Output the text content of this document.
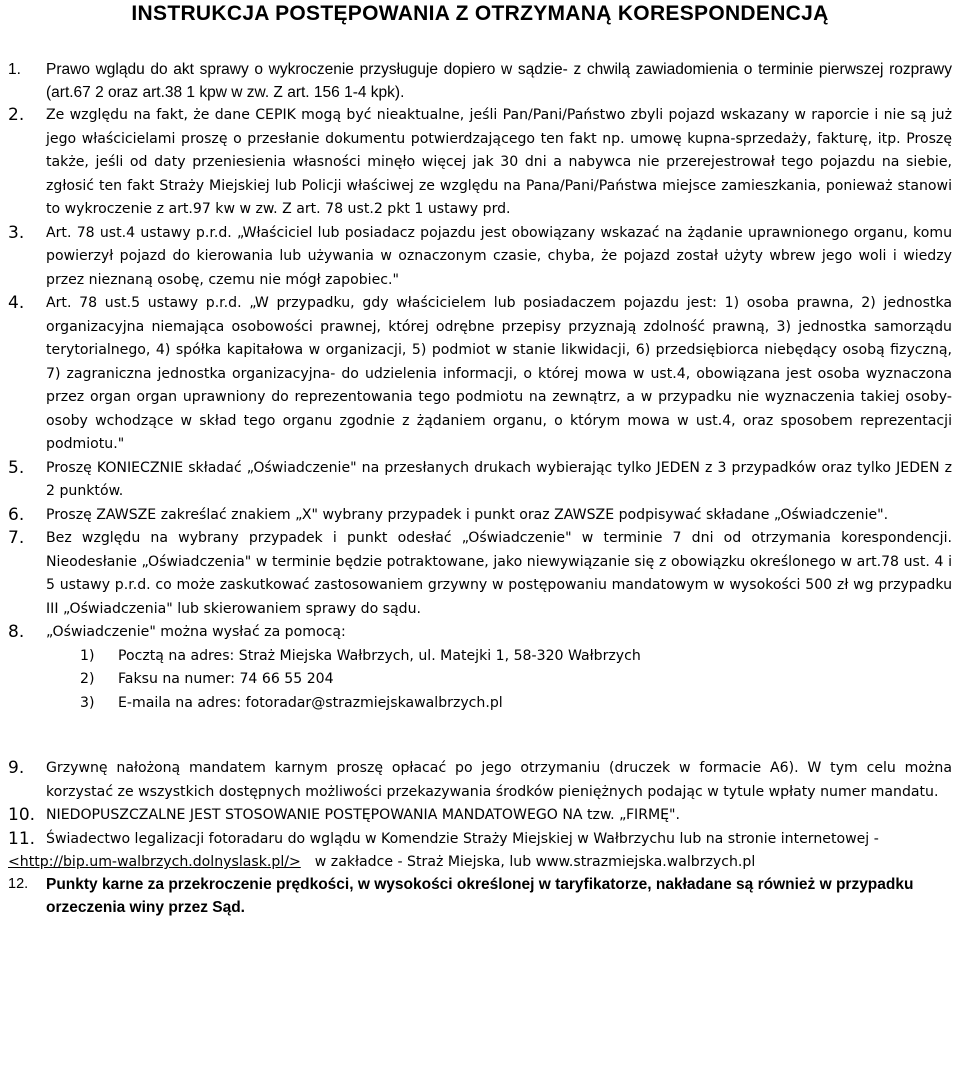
INSTRUKCJA POSTĘPOWANIA Z OTRZYMANĄ KORESPONDENCJĄ
1.	Prawo wglądu do akt sprawy o wykroczenie przysługuje dopiero w sądzie- z chwilą zawiadomienia o terminie pierwszej rozprawy (art.67 2 oraz art.38 1 kpw w zw. Z art. 156 1-4 kpk).
2.	Ze względu na fakt, że dane CEPIK mogą być nieaktualne, jeśli Pan/Pani/Państwo zbyli pojazd wskazany w raporcie i nie są już jego właścicielami proszę o przesłanie dokumentu potwierdzającego ten fakt np. umowę kupna-sprzedaży, fakturę, itp. Proszę także, jeśli od daty przeniesienia własności minęło więcej jak 30 dni a nabywca nie przerejestrował tego pojazdu na siebie, zgłosić ten fakt Straży Miejskiej lub Policji właściwej ze względu na Pana/Pani/Państwa miejsce zamieszkania, ponieważ stanowi to wykroczenie z art.97 kw w zw. Z art. 78 ust.2 pkt 1 ustawy prd.
3.	Art. 78 ust.4 ustawy p.r.d. „Właściciel lub posiadacz pojazdu jest obowiązany wskazać na żądanie uprawnionego organu, komu powierzył pojazd do kierowania lub używania w oznaczonym czasie, chyba, że pojazd został użyty wbrew jego woli i wiedzy przez nieznaną osobę, czemu nie mógł zapobiec."
4.	Art. 78 ust.5 ustawy p.r.d. „W przypadku, gdy właścicielem lub posiadaczem pojazdu jest: 1) osoba prawna, 2) jednostka organizacyjna niemająca osobowości prawnej, której odrębne przepisy przyznają zdolność prawną, 3) jednostka samorządu terytorialnego, 4) spółka kapitałowa w organizacji, 5) podmiot w stanie likwidacji, 6) przedsiębiorca niebędący osobą fizyczną, 7) zagraniczna jednostka organizacyjna- do udzielenia informacji, o której mowa w ust.4, obowiązana jest osoba wyznaczona przez organ organ uprawniony do reprezentowania tego podmiotu na zewnątrz, a w przypadku nie wyznaczenia takiej osoby- osoby wchodzące w skład tego organu zgodnie z żądaniem organu, o którym mowa w ust.4, oraz sposobem reprezentacji podmiotu."
5.	Proszę KONIECZNIE składać „Oświadczenie" na przesłanych drukach wybierając tylko JEDEN z 3 przypadków oraz tylko JEDEN z 2 punktów.
6.	Proszę ZAWSZE zakreślać znakiem „X" wybrany przypadek i punkt oraz ZAWSZE podpisywać składane „Oświadczenie".
7.	Bez względu na wybrany przypadek i punkt odesłać „Oświadczenie" w terminie 7 dni od otrzymania korespondencji. Nieodesłanie „Oświadczenia" w terminie będzie potraktowane, jako niewywiązanie się z obowiązku określonego w art.78 ust. 4 i 5 ustawy p.r.d. co może zaskutkować zastosowaniem grzywny w postępowaniu mandatowym w wysokości 500 zł wg przypadku III „Oświadczenia" lub skierowaniem sprawy do sądu.
8.	„Oświadczenie" można wysłać za pomocą:
1)	Pocztą na adres: Straż Miejska Wałbrzych, ul. Matejki 1, 58-320 Wałbrzych
2)	Faksu na numer: 74 66 55 204
3)	E-maila na adres: fotoradar@strazmiejskawalbrzych.pl
9.	Grzywnę nałożoną mandatem karnym proszę opłacać po jego otrzymaniu (druczek w formacie A6). W tym celu można korzystać ze wszystkich dostępnych możliwości przekazywania środków pieniężnych podając w tytule wpłaty numer mandatu.
10. NIEDOPUSZCZALNE JEST STOSOWANIE POSTĘPOWANIA MANDATOWEGO NA tzw. „FIRMĘ".
11. Świadectwo legalizacji fotoradaru do wglądu w Komendzie Straży Miejskiej w Wałbrzychu lub na stronie internetowej -
<http://bip.um-walbrzych.dolnyslask.pl/> w zakładce - Straż Miejska, lub www.strazmiejska.walbrzych.pl
12.	Punkty karne za przekroczenie prędkości, w wysokości określonej w taryfikatorze, nakładane są również w przypadku orzeczenia winy przez Sąd.
